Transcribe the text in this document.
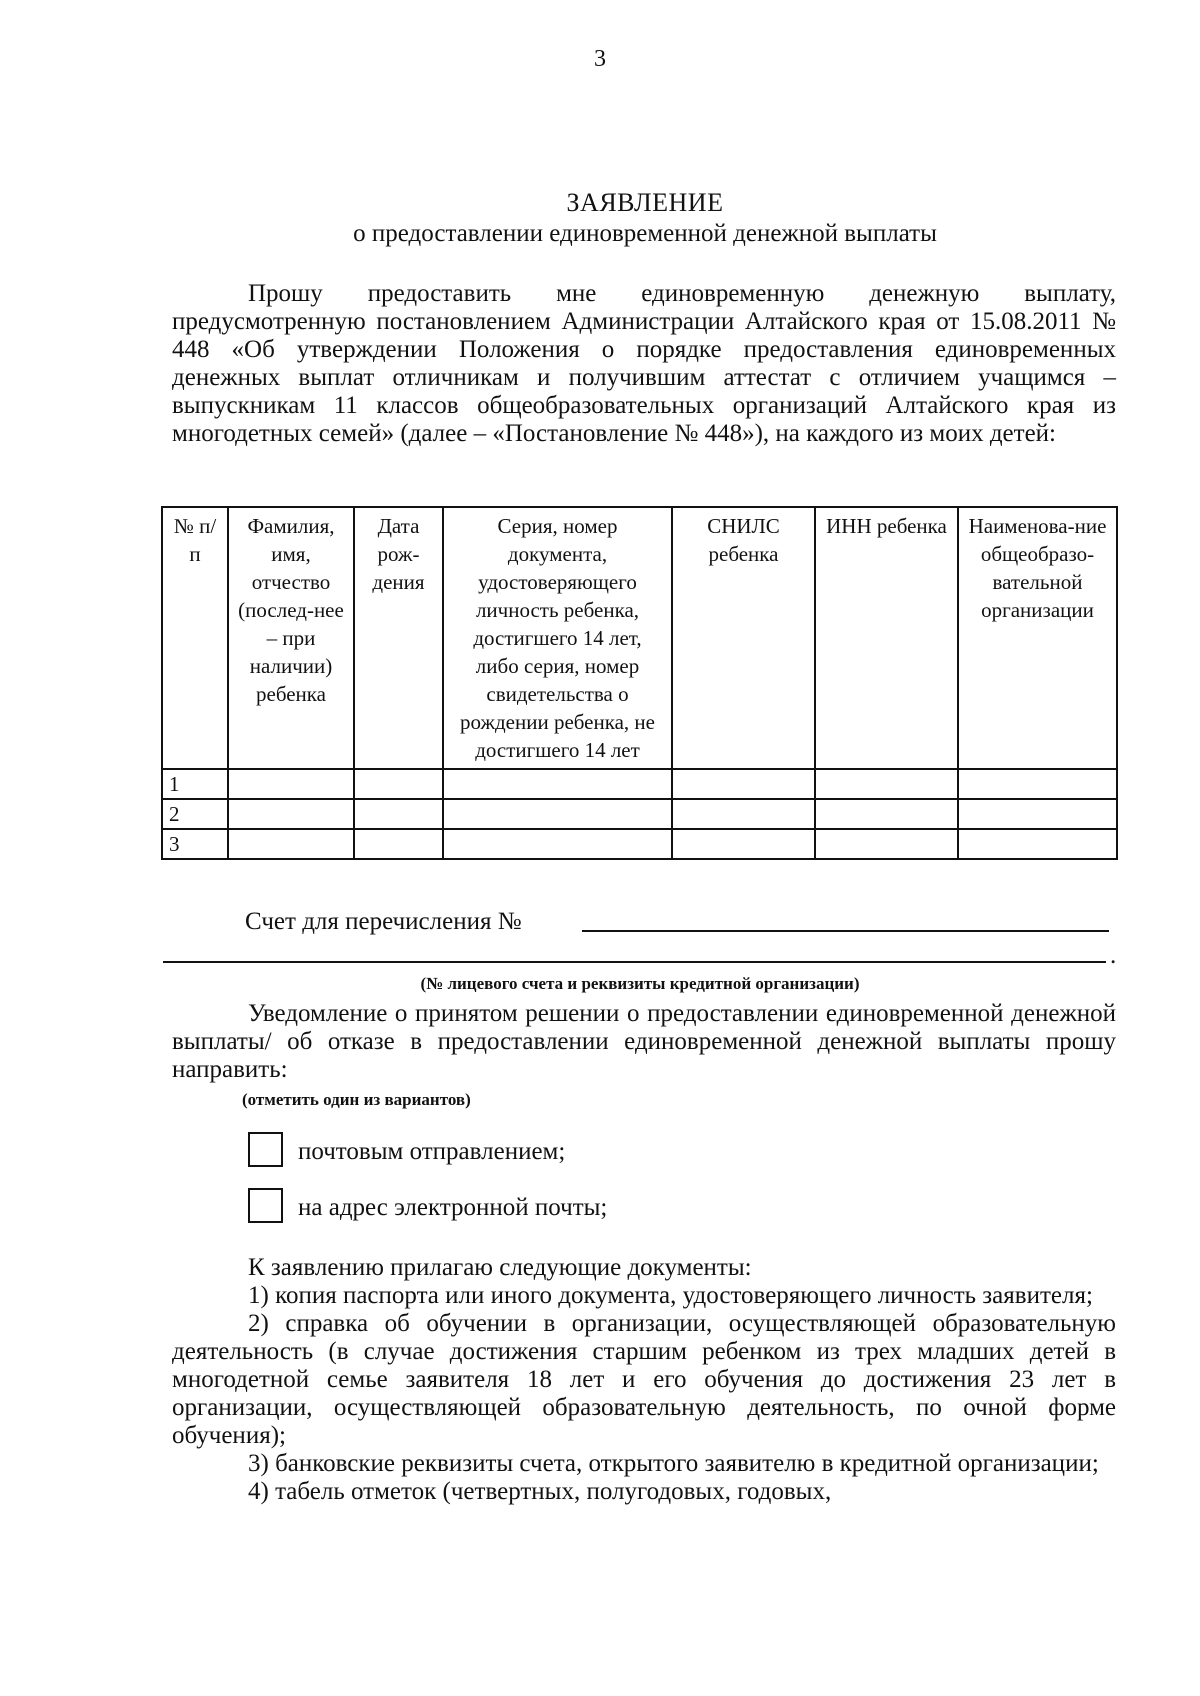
3
ЗАЯВЛЕНИЕ
о предоставлении единовременной денежной выплаты
Прошу предоставить мне единовременную денежную выплату, предусмотренную постановлением Администрации Алтайского края от 15.08.2011 № 448 «Об утверждении Положения о порядке предоставления единовременных денежных выплат отличникам и получившим аттестат с отличием учащимся – выпускникам 11 классов общеобразовательных организаций Алтайского края из многодетных семей» (далее – «Постановление № 448»), на каждого из моих детей:
№ п/п	Фамилия, имя, отчество (послед-нее – при наличии) ребенка	Дата рож-дения	Серия, номер документа, удостоверяющего личность ребенка, достигшего 14 лет, либо серия, номер свидетельства о рождении ребенка, не достигшего 14 лет	СНИЛС ребенка	ИНН ребенка	Наименова-ние общеобразо-вательной организации
1						
2						
3						
Счет для перечисления №
.
(№ лицевого счета и реквизиты кредитной организации)
Уведомление о принятом решении о предоставлении единовременной денежной выплаты/ об отказе в предоставлении единовременной денежной выплаты прошу направить:
(отметить один из вариантов)
почтовым отправлением;
на адрес электронной почты;
К заявлению прилагаю следующие документы:
1) копия паспорта или иного документа, удостоверяющего личность заявителя;
2) справка об обучении в организации, осуществляющей образовательную деятельность (в случае достижения старшим ребенком из трех младших детей в многодетной семье заявителя 18 лет и его обучения до достижения 23 лет в организации, осуществляющей образовательную деятельность, по очной форме обучения);
3) банковские реквизиты счета, открытого заявителю в кредитной организации;
4) табель отметок (четвертных, полугодовых, годовых,
